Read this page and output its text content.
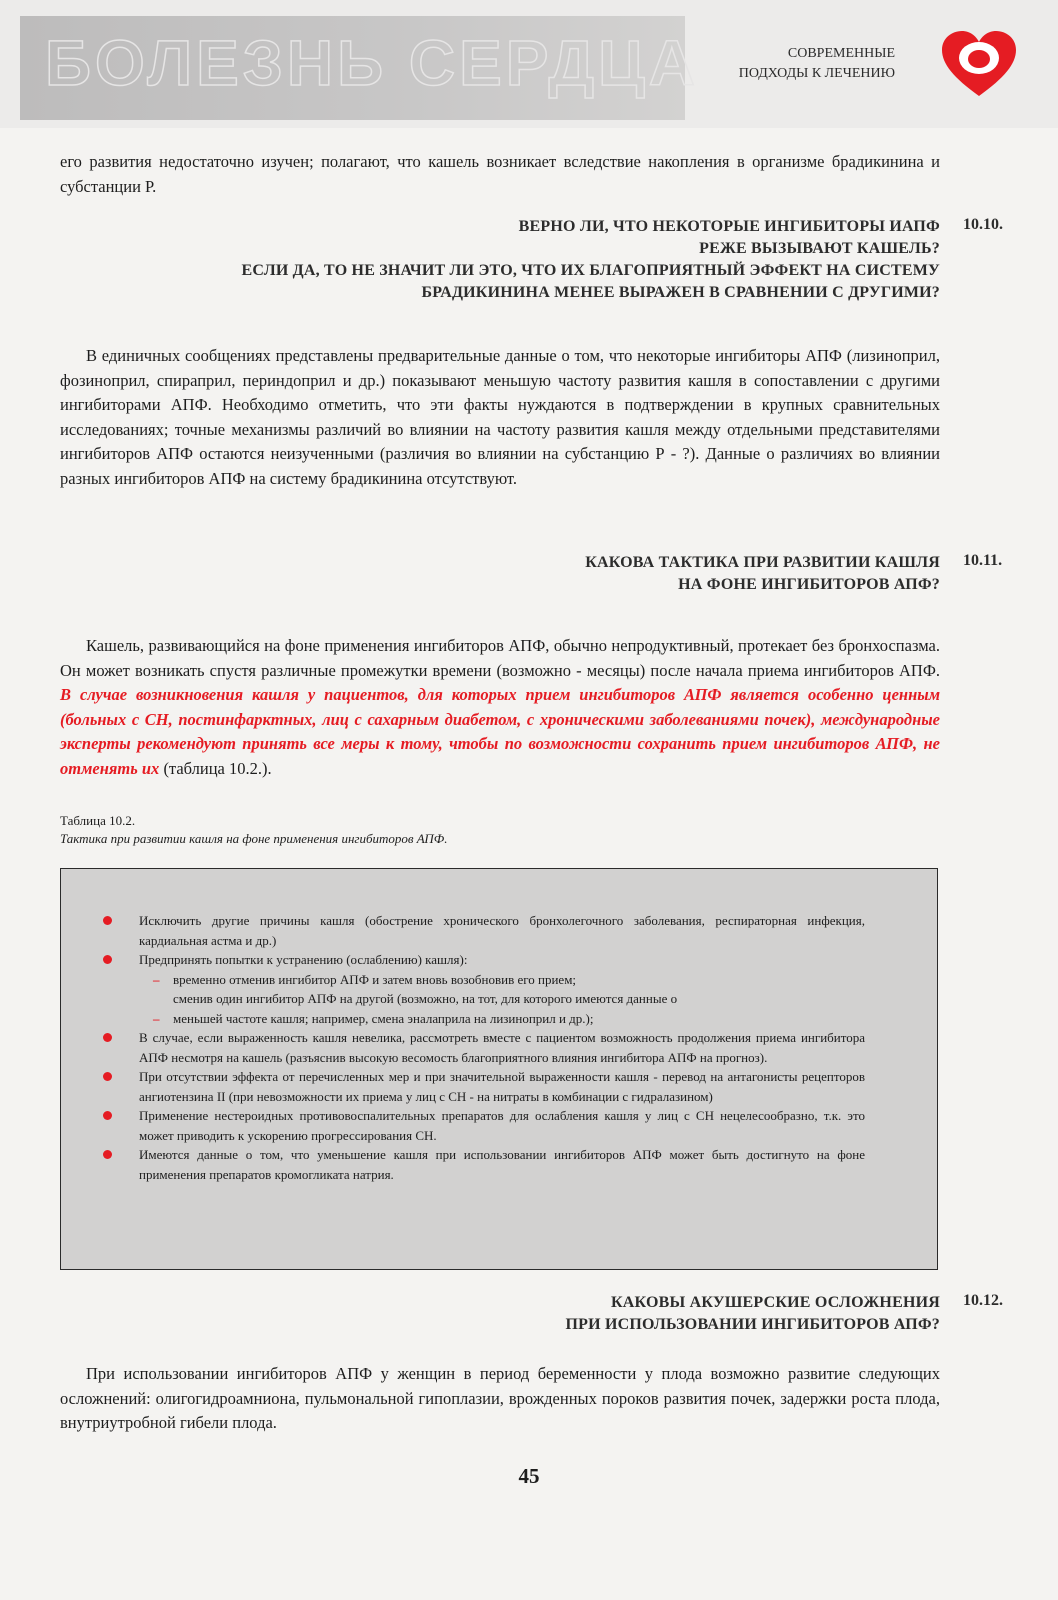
БОЛЕЗНЬ СЕРДЦА	СОВРЕМЕННЫЕ
ПОДХОДЫ К ЛЕЧЕНИЮ

его развития недостаточно изучен; полагают, что кашель возникает вследствие накопления в организме брадикинина и субстанции Р.

ВЕРНО ЛИ, ЧТО НЕКОТОРЫЕ ИНГИБИТОРЫ ИАПФ
РЕЖЕ ВЫЗЫВАЮТ КАШЕЛЬ?
ЕСЛИ ДА, ТО НЕ ЗНАЧИТ ЛИ ЭТО, ЧТО ИХ БЛАГОПРИЯТНЫЙ ЭФФЕКТ НА СИСТЕМУ
БРАДИКИНИНА МЕНЕЕ ВЫРАЖЕН В СРАВНЕНИИ С ДРУГИМИ?
10.10.

В единичных сообщениях представлены предварительные данные о том, что некоторые ингибиторы АПФ (лизиноприл, фозиноприл, спираприл, периндоприл и др.) показывают меньшую частоту развития кашля в сопоставлении с другими ингибиторами АПФ. Необходимо отметить, что эти факты нуждаются в подтверждении в крупных сравнительных исследованиях; точные механизмы различий во влиянии на частоту развития кашля между отдельными представителями ингибиторов АПФ остаются неизученными (различия во влиянии на субстанцию Р - ?). Данные о различиях во влиянии разных ингибиторов АПФ на систему брадикинина отсутствуют.

КАКОВА ТАКТИКА ПРИ РАЗВИТИИ КАШЛЯ
НА ФОНЕ ИНГИБИТОРОВ АПФ?
10.11.

Кашель, развивающийся на фоне применения ингибиторов АПФ, обычно непродуктивный, протекает без бронхоспазма. Он может возникать спустя различные промежутки времени (возможно - месяцы) после начала приема ингибиторов АПФ. В случае возникновения кашля у пациентов, для которых прием ингибиторов АПФ является особенно ценным (больных с СН, постинфарктных, лиц с сахарным диабетом, с хроническими заболеваниями почек), международные эксперты рекомендуют принять все меры к тому, чтобы по возможности сохранить прием ингибиторов АПФ, не отменять их (таблица 10.2.).

Таблица 10.2.

Тактика при развитии кашля на фоне применения ингибиторов АПФ.

Исключить другие причины кашля (обострение хронического бронхолегочного заболевания, респираторная инфекция, кардиальная астма и др.)
Предпринять попытки к устранению (ослаблению) кашля):
– временно отменив ингибитор АПФ и затем вновь возобновив его прием;
сменив один ингибитор АПФ на другой (возможно, на тот, для которого имеются данные о
– меньшей частоте кашля; например, смена эналаприла на лизиноприл и др.);
В случае, если выраженность кашля невелика, рассмотреть вместе с пациентом возможность продолжения приема ингибитора АПФ несмотря на кашель (разъяснив высокую весомость благоприятного влияния ингибитора АПФ на прогноз).
При отсутствии эффекта от перечисленных мер и при значительной выраженности кашля - перевод на антагонисты рецепторов ангиотензина II (при невозможности их приема у лиц с СН - на нитраты в комбинации с гидралазином)
Применение нестероидных противовоспалительных препаратов для ослабления кашля у лиц с СН нецелесообразно, т.к. это может приводить к ускорению прогрессирования СН.
Имеются данные о том, что уменьшение кашля при использовании ингибиторов АПФ может быть достигнуто на фоне применения препаратов кромогликата натрия.
КАКОВЫ АКУШЕРСКИЕ ОСЛОЖНЕНИЯ
ПРИ ИСПОЛЬЗОВАНИИ ИНГИБИТОРОВ АПФ?
10.12.

При использовании ингибиторов АПФ у женщин в период беременности у плода возможно развитие следующих осложнений: олигогидроамниона, пульмональной гипоплазии, врожденных пороков развития почек, задержки роста плода, внутриутробной гибели плода.

45
